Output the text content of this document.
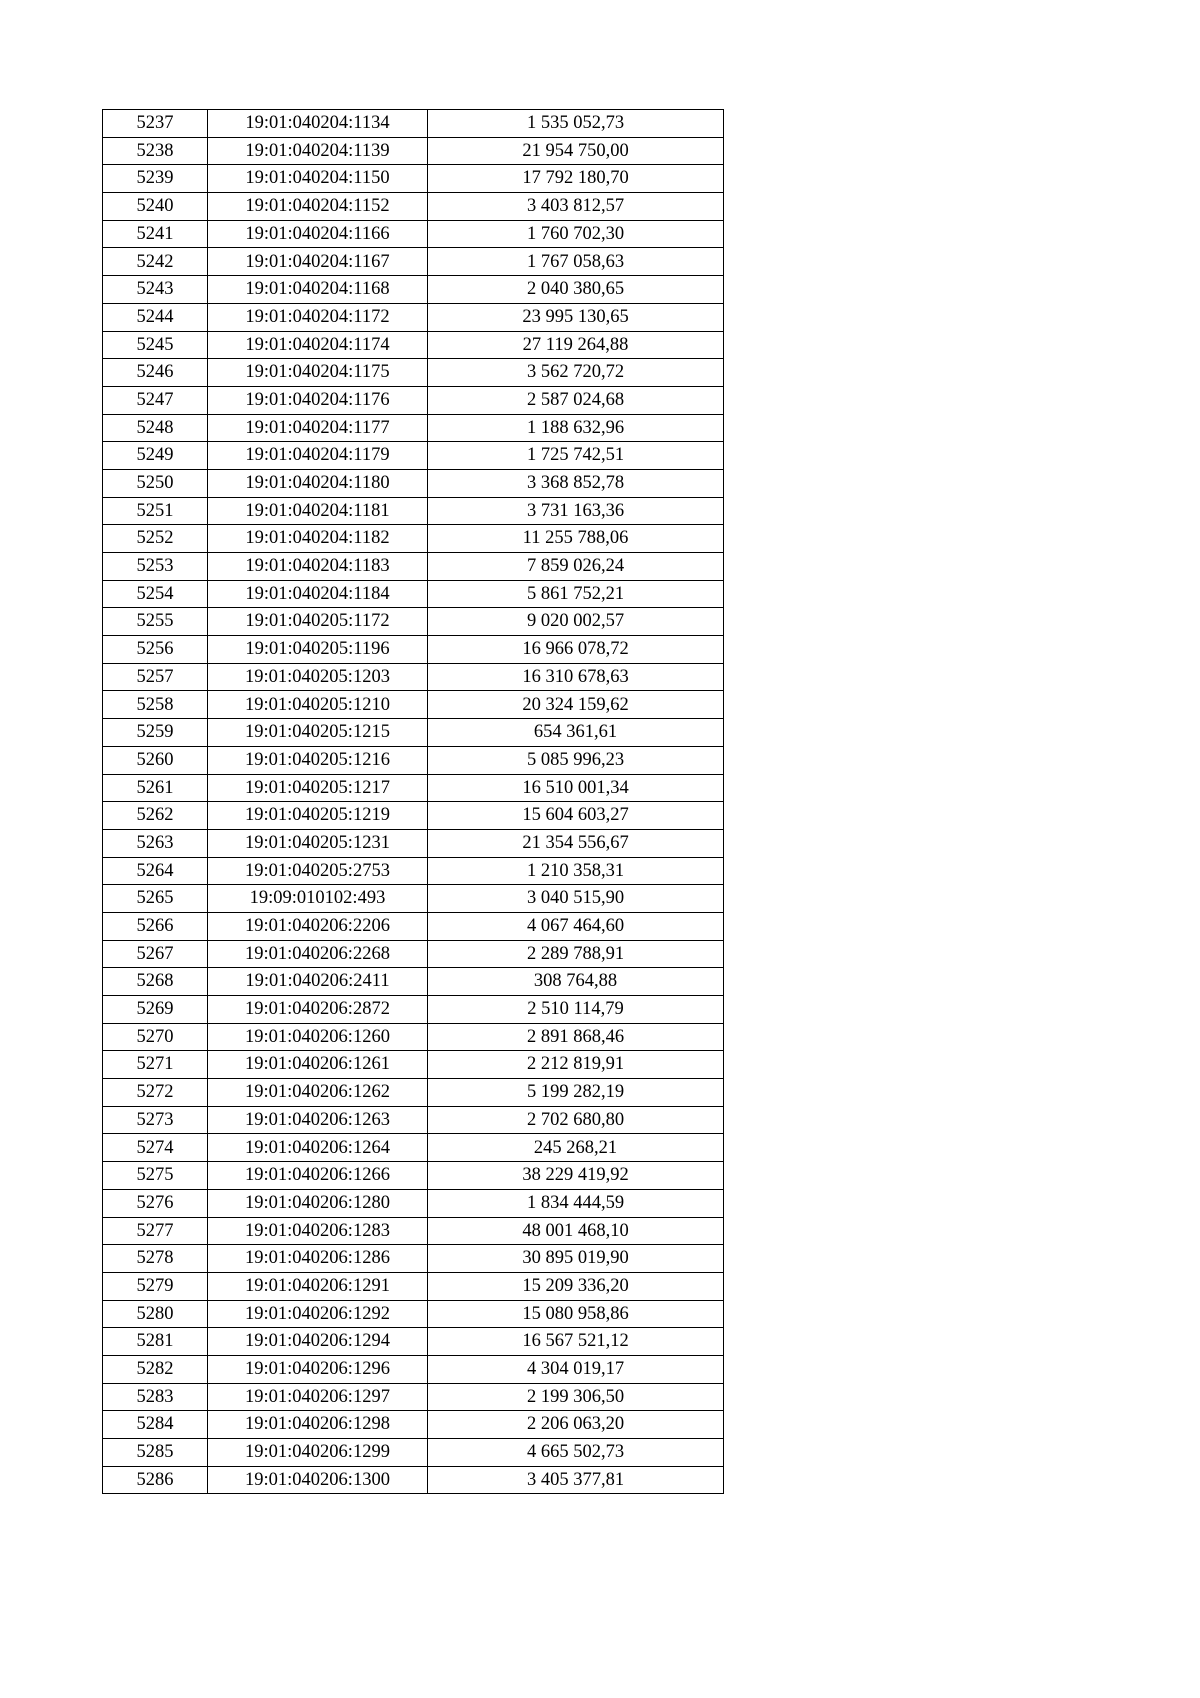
5237	19:01:040204:1134	1 535 052,73
5238	19:01:040204:1139	21 954 750,00
5239	19:01:040204:1150	17 792 180,70
5240	19:01:040204:1152	3 403 812,57
5241	19:01:040204:1166	1 760 702,30
5242	19:01:040204:1167	1 767 058,63
5243	19:01:040204:1168	2 040 380,65
5244	19:01:040204:1172	23 995 130,65
5245	19:01:040204:1174	27 119 264,88
5246	19:01:040204:1175	3 562 720,72
5247	19:01:040204:1176	2 587 024,68
5248	19:01:040204:1177	1 188 632,96
5249	19:01:040204:1179	1 725 742,51
5250	19:01:040204:1180	3 368 852,78
5251	19:01:040204:1181	3 731 163,36
5252	19:01:040204:1182	11 255 788,06
5253	19:01:040204:1183	7 859 026,24
5254	19:01:040204:1184	5 861 752,21
5255	19:01:040205:1172	9 020 002,57
5256	19:01:040205:1196	16 966 078,72
5257	19:01:040205:1203	16 310 678,63
5258	19:01:040205:1210	20 324 159,62
5259	19:01:040205:1215	654 361,61
5260	19:01:040205:1216	5 085 996,23
5261	19:01:040205:1217	16 510 001,34
5262	19:01:040205:1219	15 604 603,27
5263	19:01:040205:1231	21 354 556,67
5264	19:01:040205:2753	1 210 358,31
5265	19:09:010102:493	3 040 515,90
5266	19:01:040206:2206	4 067 464,60
5267	19:01:040206:2268	2 289 788,91
5268	19:01:040206:2411	308 764,88
5269	19:01:040206:2872	2 510 114,79
5270	19:01:040206:1260	2 891 868,46
5271	19:01:040206:1261	2 212 819,91
5272	19:01:040206:1262	5 199 282,19
5273	19:01:040206:1263	2 702 680,80
5274	19:01:040206:1264	245 268,21
5275	19:01:040206:1266	38 229 419,92
5276	19:01:040206:1280	1 834 444,59
5277	19:01:040206:1283	48 001 468,10
5278	19:01:040206:1286	30 895 019,90
5279	19:01:040206:1291	15 209 336,20
5280	19:01:040206:1292	15 080 958,86
5281	19:01:040206:1294	16 567 521,12
5282	19:01:040206:1296	4 304 019,17
5283	19:01:040206:1297	2 199 306,50
5284	19:01:040206:1298	2 206 063,20
5285	19:01:040206:1299	4 665 502,73
5286	19:01:040206:1300	3 405 377,81
